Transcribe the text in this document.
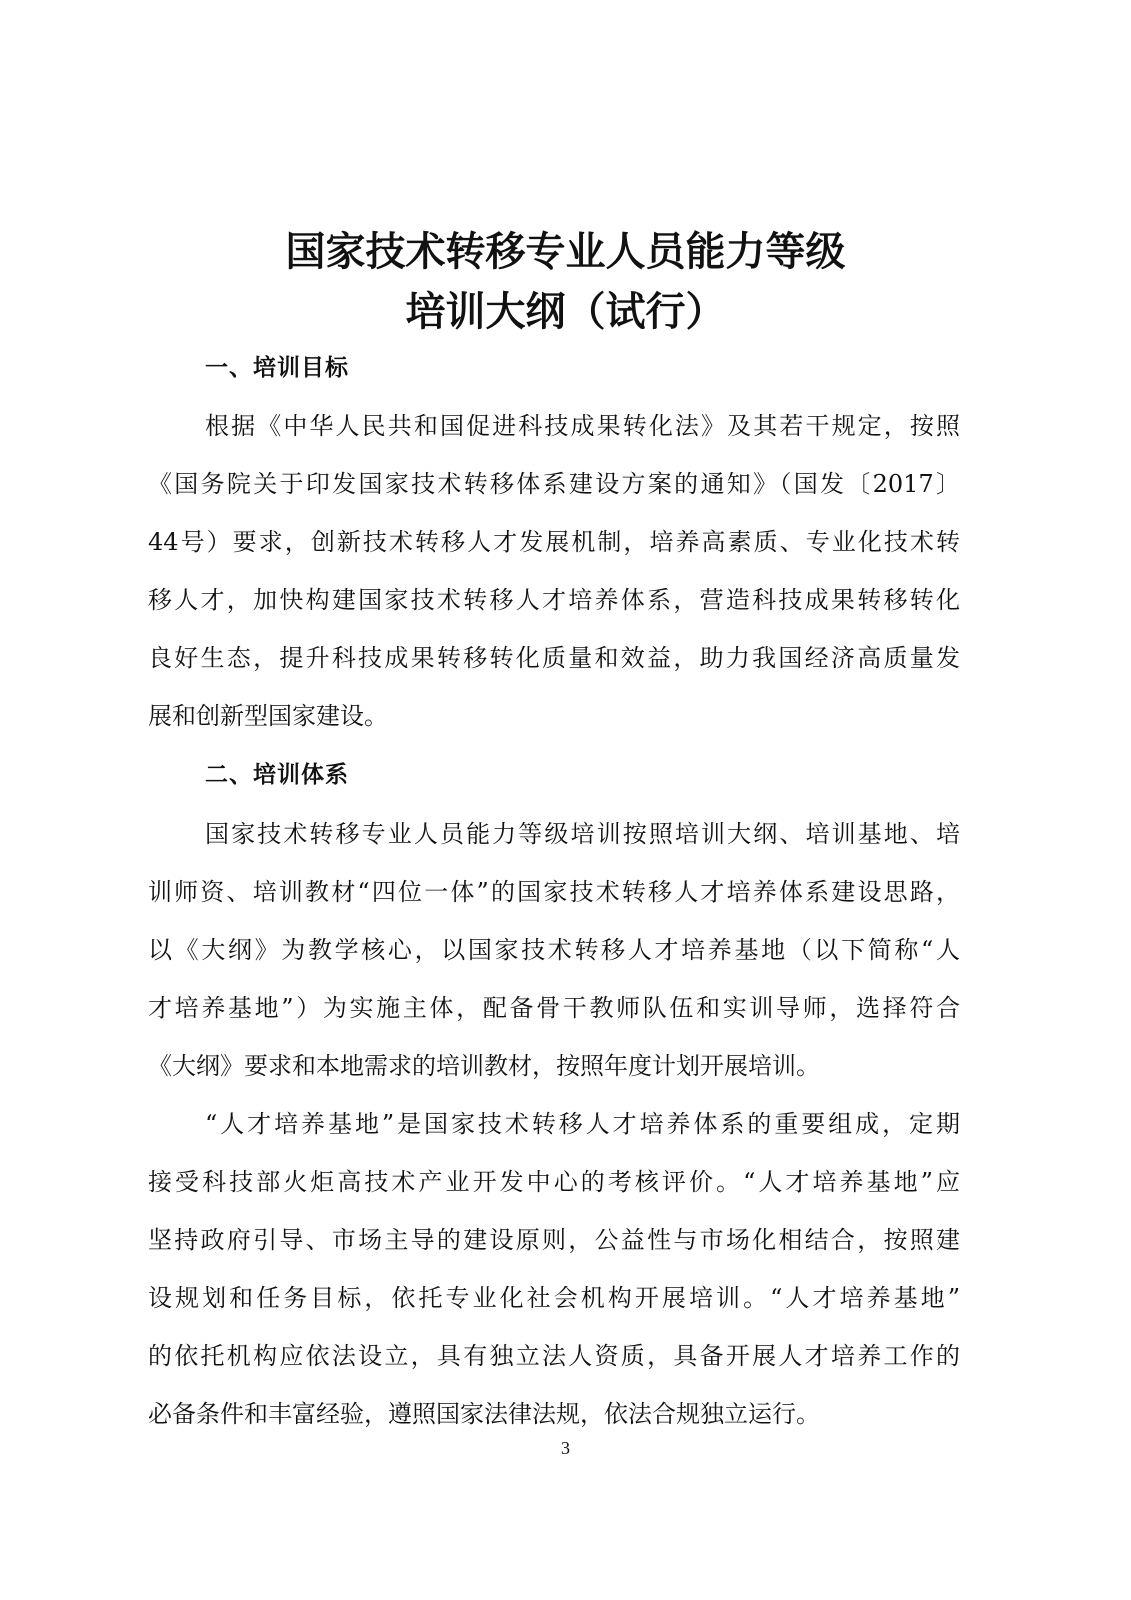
国家技术转移专业人员能力等级
培训大纲（试行）
一、培训目标
根据《中华人民共和国促进科技成果转化法》及其若干规定，按照
《国务院关于印发国家技术转移体系建设方案的通知》（国发〔2017〕
44号）要求，创新技术转移人才发展机制，培养高素质、专业化技术转
移人才，加快构建国家技术转移人才培养体系，营造科技成果转移转化
良好生态，提升科技成果转移转化质量和效益，助力我国经济高质量发
展和创新型国家建设。
二、培训体系
国家技术转移专业人员能力等级培训按照培训大纲、培训基地、培
训师资、培训教材“四位一体”的国家技术转移人才培养体系建设思路，
以《大纲》为教学核心，以国家技术转移人才培养基地（以下简称“人
才培养基地”）为实施主体，配备骨干教师队伍和实训导师，选择符合
《大纲》要求和本地需求的培训教材，按照年度计划开展培训。
“人才培养基地”是国家技术转移人才培养体系的重要组成，定期
接受科技部火炬高技术产业开发中心的考核评价。“人才培养基地”应
坚持政府引导、市场主导的建设原则，公益性与市场化相结合，按照建
设规划和任务目标，依托专业化社会机构开展培训。“人才培养基地”
的依托机构应依法设立，具有独立法人资质，具备开展人才培养工作的
必备条件和丰富经验，遵照国家法律法规，依法合规独立运行。
3
